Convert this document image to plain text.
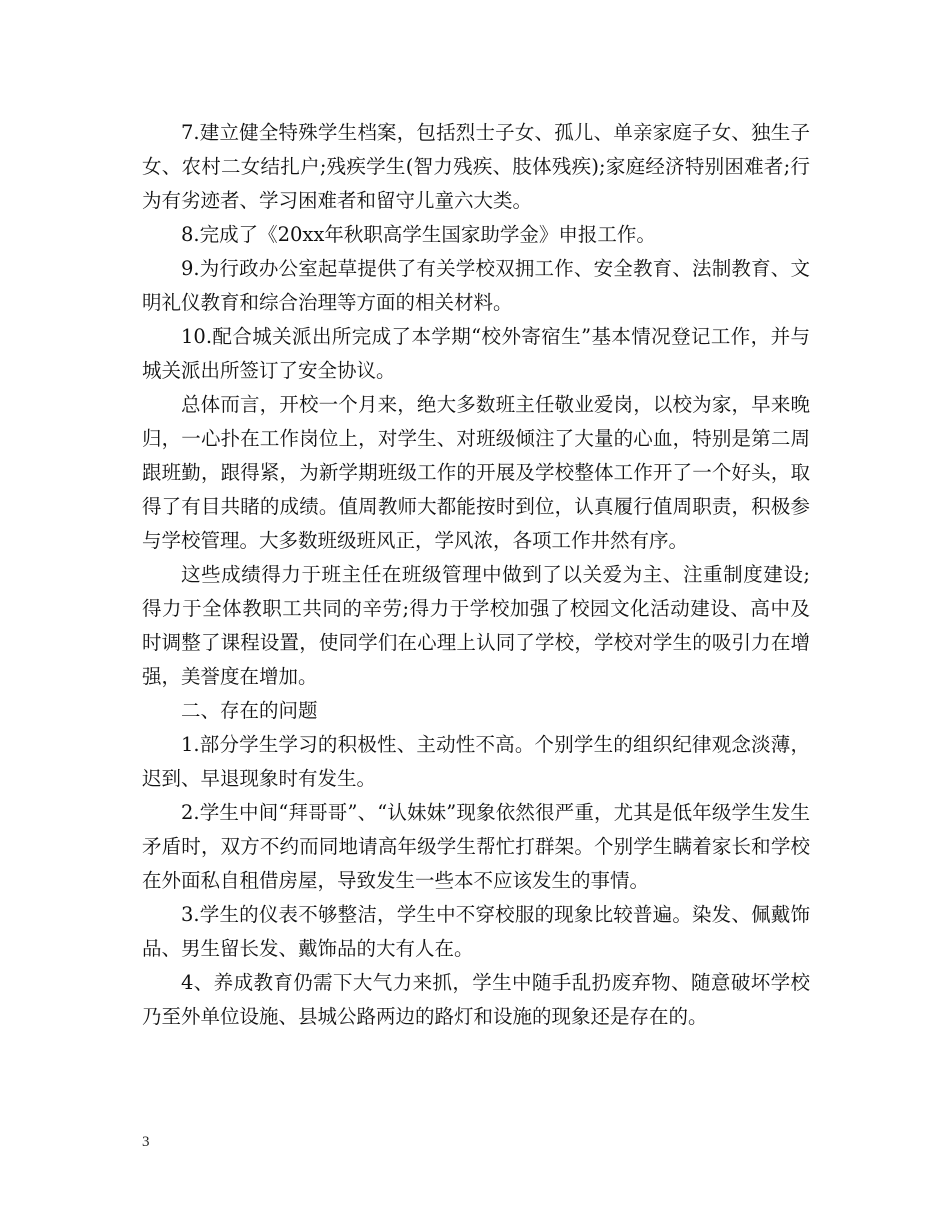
7.建立健全特殊学生档案，包括烈士子女、孤儿、单亲家庭子女、独生子女、农村二女结扎户;残疾学生(智力残疾、肢体残疾);家庭经济特别困难者;行为有劣迹者、学习困难者和留守儿童六大类。

8.完成了《20xx年秋职高学生国家助学金》申报工作。

9.为行政办公室起草提供了有关学校双拥工作、安全教育、法制教育、文明礼仪教育和综合治理等方面的相关材料。

10.配合城关派出所完成了本学期“校外寄宿生”基本情况登记工作，并与城关派出所签订了安全协议。

总体而言，开校一个月来，绝大多数班主任敬业爱岗，以校为家，早来晚归，一心扑在工作岗位上，对学生、对班级倾注了大量的心血，特别是第二周跟班勤，跟得紧，为新学期班级工作的开展及学校整体工作开了一个好头，取得了有目共睹的成绩。值周教师大都能按时到位，认真履行值周职责，积极参与学校管理。大多数班级班风正，学风浓，各项工作井然有序。

这些成绩得力于班主任在班级管理中做到了以关爱为主、注重制度建设;得力于全体教职工共同的辛劳;得力于学校加强了校园文化活动建设、高中及时调整了课程设置，使同学们在心理上认同了学校，学校对学生的吸引力在增强，美誉度在增加。

二、存在的问题

1.部分学生学习的积极性、主动性不高。个别学生的组织纪律观念淡薄，迟到、早退现象时有发生。

2.学生中间“拜哥哥”、“认妹妹”现象依然很严重，尤其是低年级学生发生矛盾时，双方不约而同地请高年级学生帮忙打群架。个别学生瞒着家长和学校在外面私自租借房屋，导致发生一些本不应该发生的事情。

3.学生的仪表不够整洁，学生中不穿校服的现象比较普遍。染发、佩戴饰品、男生留长发、戴饰品的大有人在。

4、养成教育仍需下大气力来抓，学生中随手乱扔废弃物、随意破坏学校乃至外单位设施、县城公路两边的路灯和设施的现象还是存在的。

3
